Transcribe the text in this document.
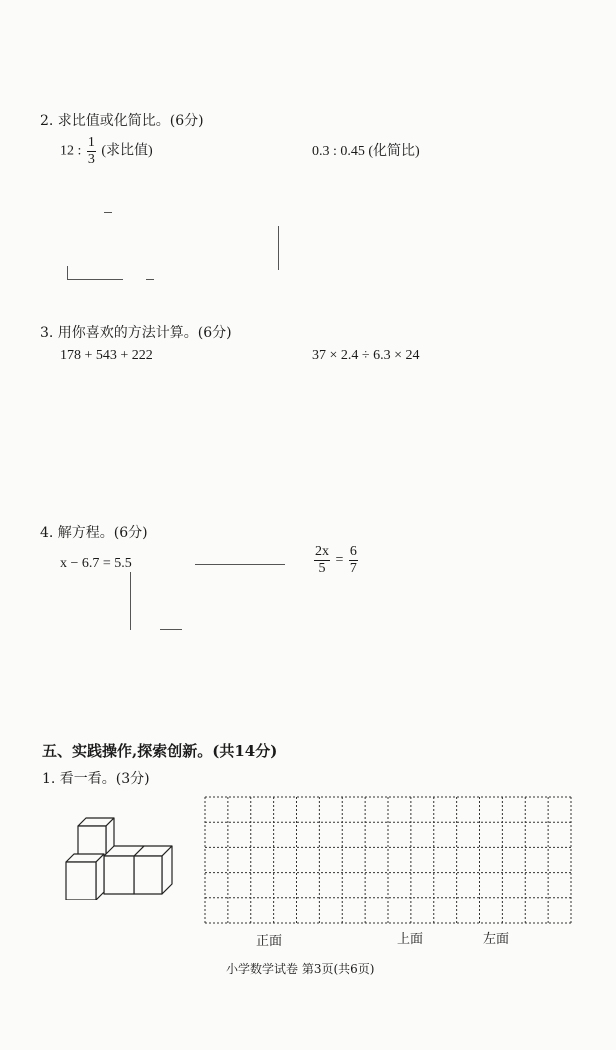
2. 求比值或化简比。(6分)
12 : $\frac{1}{3}$ (求比值)	0.3 : 0.45 (化简比)
3. 用你喜欢的方法计算。(6分)
178 + 543 + 222	37 × 2.4 ÷ 6.3 × 24
4. 解方程。(6分)
x − 6.7 = 5.5	$\frac{2x}{5} = \frac{6}{7}$
五、实践操作,探索创新。(共14分)
1. 看一看。(3分)
正面	上面	左面
小学数学试卷 第3页(共6页)
